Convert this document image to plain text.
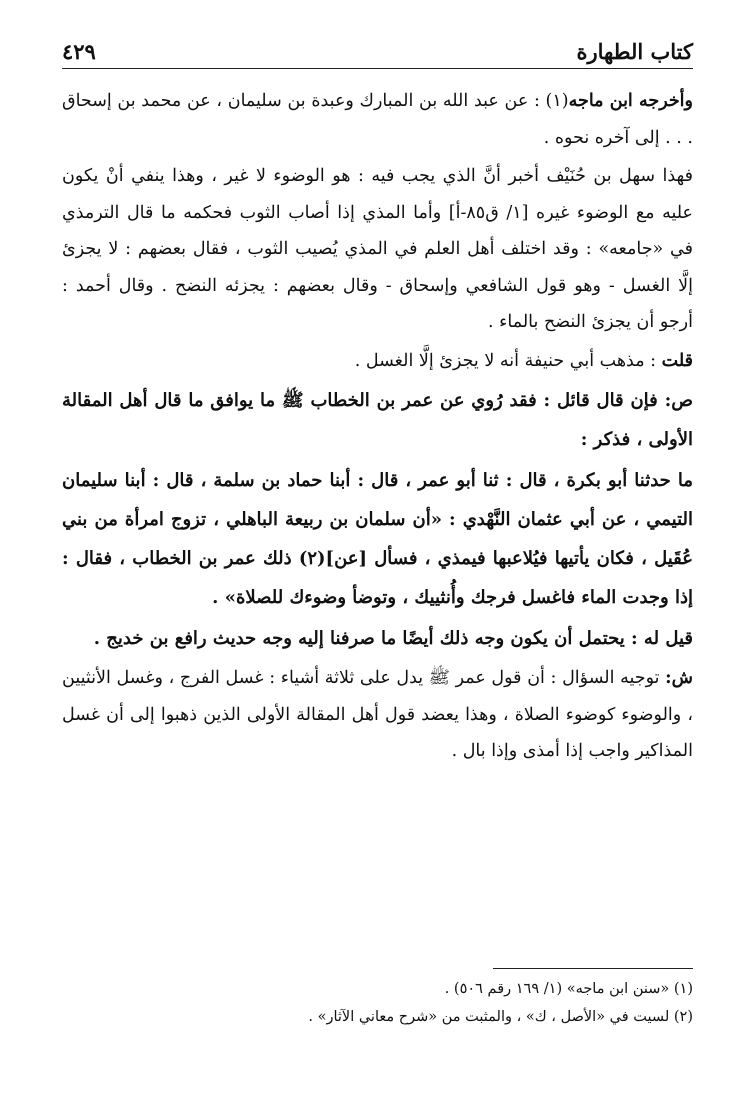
كتاب الطهارة
٤٢٩

وأخرجه ابن ماجه(١) : عن عبد الله بن المبارك وعبدة بن سليمان ، عن محمد بن إسحاق . . . إلى آخره نحوه .

فهذا سهل بن حُنَيْف أخبر أنَّ الذي يجب فيه : هو الوضوء لا غير ، وهذا ينفي أنْ يكون عليه مع الوضوء غيره [١/ ق٨٥-أ] وأما المذي إذا أصاب الثوب فحكمه ما قال الترمذي في «جامعه» : وقد اختلف أهل العلم في المذي يُصيب الثوب ، فقال بعضهم : لا يجزئ إلَّا الغسل - وهو قول الشافعي وإسحاق - وقال بعضهم : يجزئه النضح . وقال أحمد : أرجو أن يجزئ النضح بالماء .

قلت : مذهب أبي حنيفة أنه لا يجزئ إلَّا الغسل .

ص: فإن قال قائل : فقد رُوي عن عمر بن الخطاب ﷺ ما يوافق ما قال أهل المقالة الأولى ، فذكر :

ما حدثنا أبو بكرة ، قال : ثنا أبو عمر ، قال : أبنا حماد بن سلمة ، قال : أبنا سليمان التيمي ، عن أبي عثمان النَّهْدي : «أن سلمان بن ربيعة الباهلي ، تزوج امرأة من بني عُقَيل ، فكان يأتيها فيُلاعبها فيمذي ، فسأل [عن](٢) ذلك عمر بن الخطاب ، فقال : إذا وجدت الماء فاغسل فرجك وأُنثييك ، وتوضأ وضوءك للصلاة» .

قيل له : يحتمل أن يكون وجه ذلك أيضًا ما صرفنا إليه وجه حديث رافع بن خديج .

ش: توجيه السؤال : أن قول عمر ﷺ يدل على ثلاثة أشياء : غسل الفرج ، وغسل الأنثيين ، والوضوء كوضوء الصلاة ، وهذا يعضد قول أهل المقالة الأولى الذين ذهبوا إلى أن غسل المذاكير واجب إذا أمذى وإذا بال .

(١) «سنن ابن ماجه» (١/ ١٦٩ رقم ٥٠٦) .

(٢) لسيت في «الأصل ، ك» ، والمثبت من «شرح معاني الآثار» .
